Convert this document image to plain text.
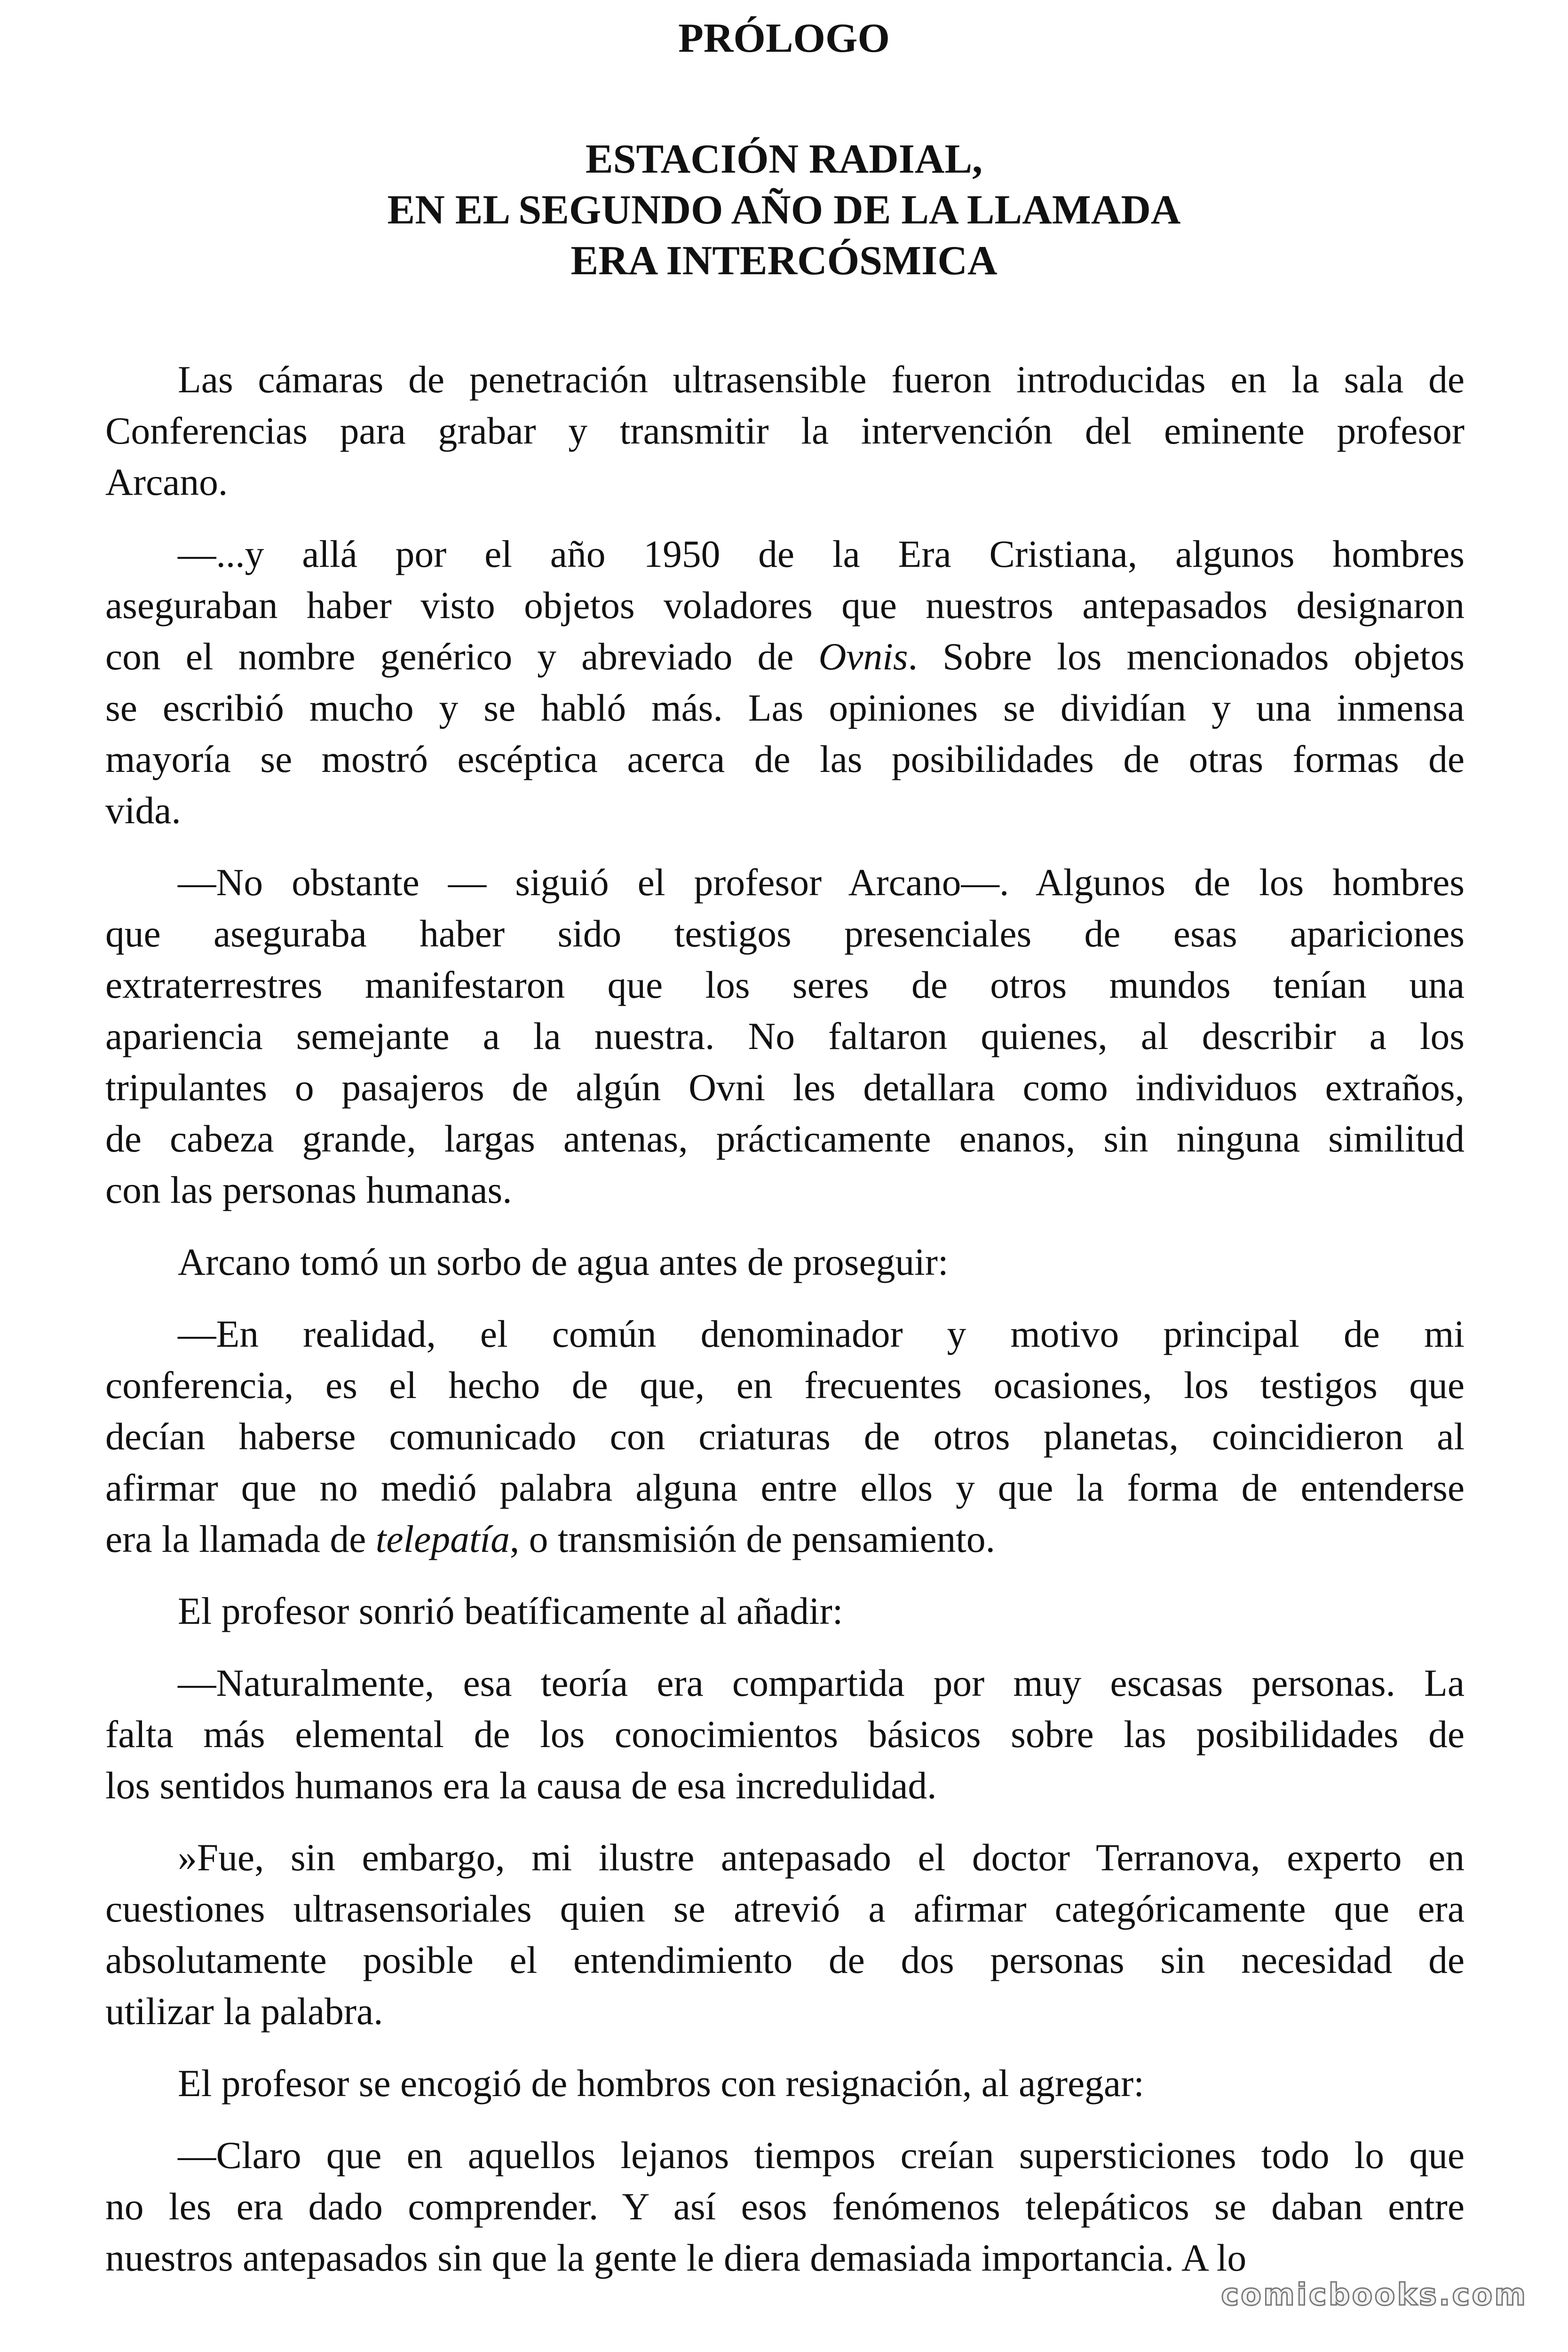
PRÓLOGO
ESTACIÓN RADIAL,
EN EL SEGUNDO AÑO DE LA LLAMADA
ERA INTERCÓSMICA

Las cámaras de penetración ultrasensible fueron introducidas en la sala de
Conferencias para grabar y transmitir la intervención del eminente profesor
Arcano.

—...y allá por el año 1950 de la Era Cristiana, algunos hombres
aseguraban haber visto objetos voladores que nuestros antepasados designaron
con el nombre genérico y abreviado de Ovnis. Sobre los mencionados objetos
se escribió mucho y se habló más. Las opiniones se dividían y una inmensa
mayoría se mostró escéptica acerca de las posibilidades de otras formas de
vida.

—No obstante — siguió el profesor Arcano—. Algunos de los hombres
que aseguraba haber sido testigos presenciales de esas apariciones
extraterrestres manifestaron que los seres de otros mundos tenían una
apariencia semejante a la nuestra. No faltaron quienes, al describir a los
tripulantes o pasajeros de algún Ovni les detallara como individuos extraños,
de cabeza grande, largas antenas, prácticamente enanos, sin ninguna similitud
con las personas humanas.

Arcano tomó un sorbo de agua antes de proseguir:

—En realidad, el común denominador y motivo principal de mi
conferencia, es el hecho de que, en frecuentes ocasiones, los testigos que
decían haberse comunicado con criaturas de otros planetas, coincidieron al
afirmar que no medió palabra alguna entre ellos y que la forma de entenderse
era la llamada de telepatía, o transmisión de pensamiento.

El profesor sonrió beatíficamente al añadir:

—Naturalmente, esa teoría era compartida por muy escasas personas. La
falta más elemental de los conocimientos básicos sobre las posibilidades de
los sentidos humanos era la causa de esa incredulidad.

»Fue, sin embargo, mi ilustre antepasado el doctor Terranova, experto en
cuestiones ultrasensoriales quien se atrevió a afirmar categóricamente que era
absolutamente posible el entendimiento de dos personas sin necesidad de
utilizar la palabra.

El profesor se encogió de hombros con resignación, al agregar:

—Claro que en aquellos lejanos tiempos creían supersticiones todo lo que
no les era dado comprender. Y así esos fenómenos telepáticos se daban entre
nuestros antepasados sin que la gente le diera demasiada importancia. A lo

comicbooks.com
